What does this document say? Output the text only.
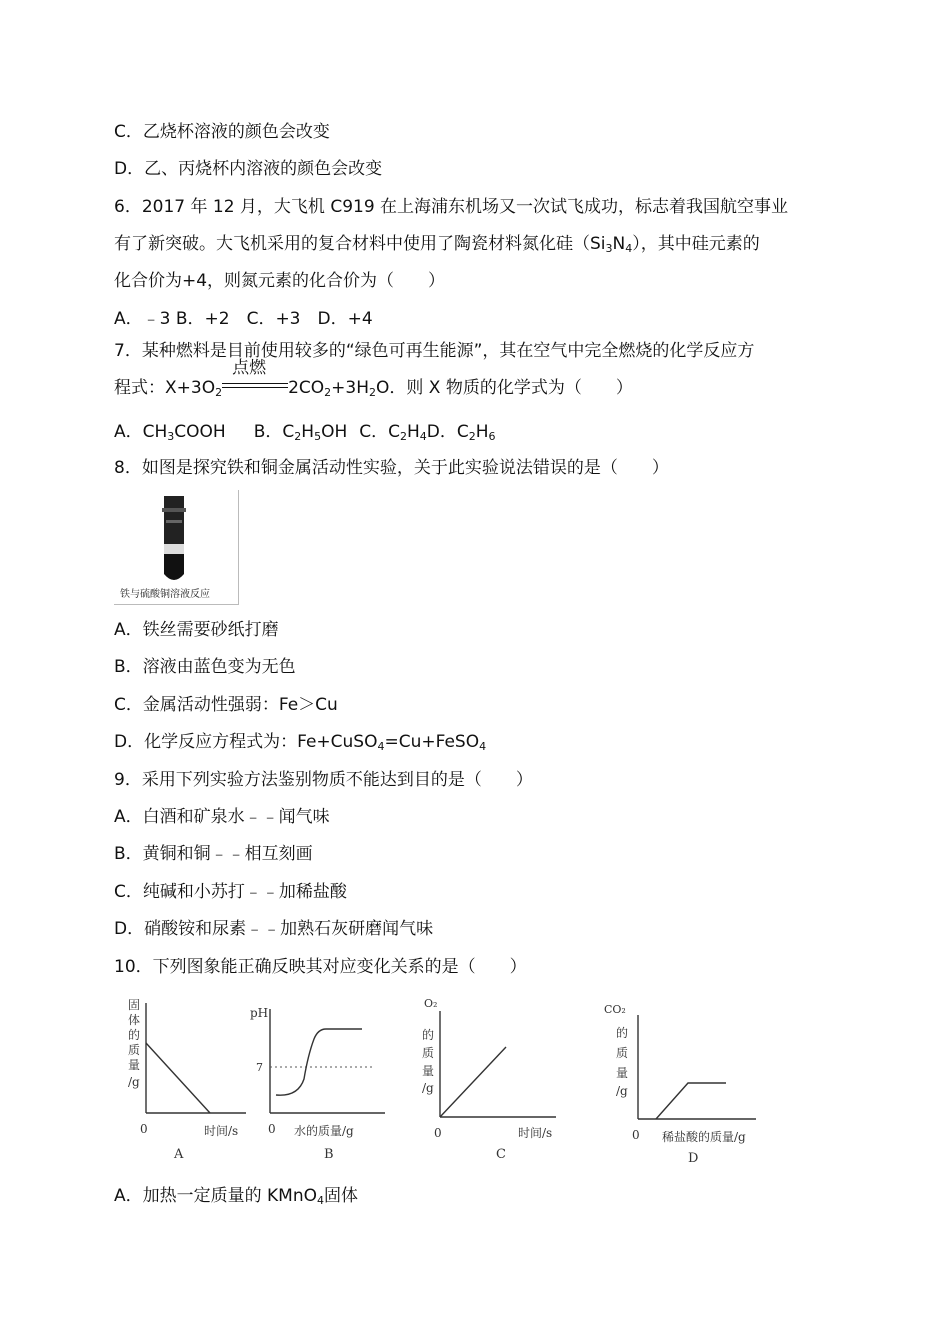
C．乙烧杯溶液的颜色会改变
D．乙、丙烧杯内溶液的颜色会改变
6．2017 年 12 月，大飞机 C919 在上海浦东机场又一次试飞成功，标志着我国航空事业
有了新突破。大飞机采用的复合材料中使用了陶瓷材料氮化硅$(Si_3N_4)$，其中硅元素的
化合价为+4，则氮元素的化合价为（　　）
A．﹣3 B．+2　C．+3　D．+4
7．某种燃料是目前使用较多的“绿色可再生能源”，其在空气中完全燃烧的化学反应方
程式：$X+3O_2$
点燃
$2CO_2+3H_2O$．则 X 物质的化学式为（　　）
A．$CH_3COOH$ B．$C_2H_5OH$ C．$C_2H_4D$．$C_2H_6$
8．如图是探究铁和铜金属活动性实验，关于此实验说法错误的是（　　）
铁与硫酸铜溶液反应
A．铁丝需要砂纸打磨
B．溶液由蓝色变为无色
C．金属活动性强弱：Fe＞Cu
D．化学反应方程式为：Fe+CuSO$_4$=Cu+FeSO$_4$
9．采用下列实验方法鉴别物质不能达到目的是（　　）
A．白酒和矿泉水﹣﹣闻气味
B．黄铜和铜﹣﹣相互刻画
C．纯碱和小苏打﹣﹣加稀盐酸
D．硝酸铵和尿素﹣﹣加熟石灰研磨闻气味
10．下列图象能正确反映其对应变化关系的是（　　）
固
体
的
质
量
/g
0	时间/s
A
pH
7
0 水的质量/g
B
O₂
的
质
量
/g
0	时间/s
C
CO₂
的
质
量
/g
0 稀盐酸的质量/g
D
A．加热一定质量的 KMnO$_4$固体
